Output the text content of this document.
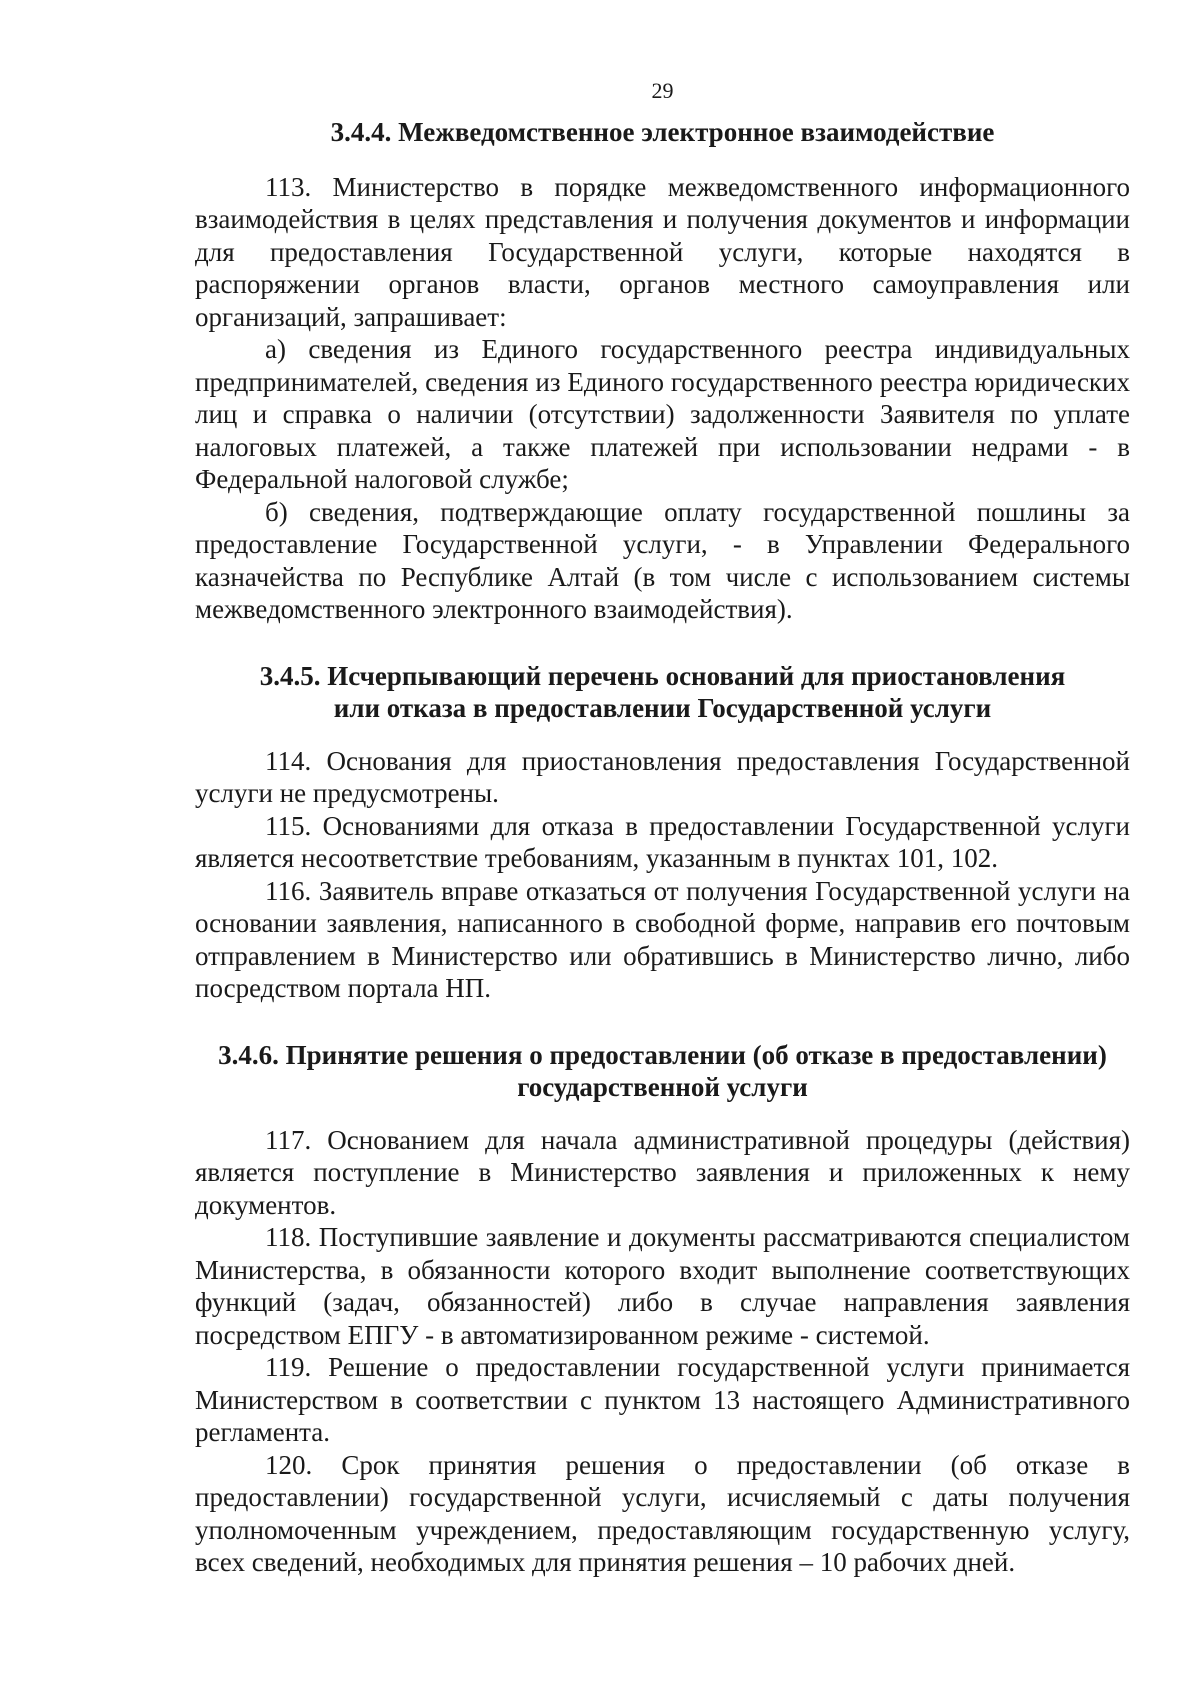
29
3.4.4. Межведомственное электронное взаимодействие

113. Министерство в порядке межведомственного информационного взаимодействия в целях представления и получения документов и информации для предоставления Государственной услуги, которые находятся в распоряжении органов власти, органов местного самоуправления или организаций, запрашивает:

а) сведения из Единого государственного реестра индивидуальных предпринимателей, сведения из Единого государственного реестра юридических лиц и справка о наличии (отсутствии) задолженности Заявителя по уплате налоговых платежей, а также платежей при использовании недрами - в Федеральной налоговой службе;

б) сведения, подтверждающие оплату государственной пошлины за предоставление Государственной услуги, - в Управлении Федерального казначейства по Республике Алтай (в том числе с использованием системы межведомственного электронного взаимодействия).

3.4.5. Исчерпывающий перечень оснований для приостановления
или отказа в предоставлении Государственной услуги

114. Основания для приостановления предоставления Государственной услуги не предусмотрены.

115. Основаниями для отказа в предоставлении Государственной услуги является несоответствие требованиям, указанным в пунктах 101, 102.

116. Заявитель вправе отказаться от получения Государственной услуги на основании заявления, написанного в свободной форме, направив его почтовым отправлением в Министерство или обратившись в Министерство лично, либо посредством портала НП.

3.4.6. Принятие решения о предоставлении (об отказе в предоставлении)
государственной услуги

117. Основанием для начала административной процедуры (действия) является поступление в Министерство заявления и приложенных к нему документов.

118. Поступившие заявление и документы рассматриваются специалистом Министерства, в обязанности которого входит выполнение соответствующих функций (задач, обязанностей) либо в случае направления заявления посредством ЕПГУ - в автоматизированном режиме - системой.

119. Решение о предоставлении государственной услуги принимается Министерством в соответствии с пунктом 13 настоящего Административного регламента.

120. Срок принятия решения о предоставлении (об отказе в предоставлении) государственной услуги, исчисляемый с даты получения уполномоченным учреждением, предоставляющим государственную услугу, всех сведений, необходимых для принятия решения – 10 рабочих дней.
